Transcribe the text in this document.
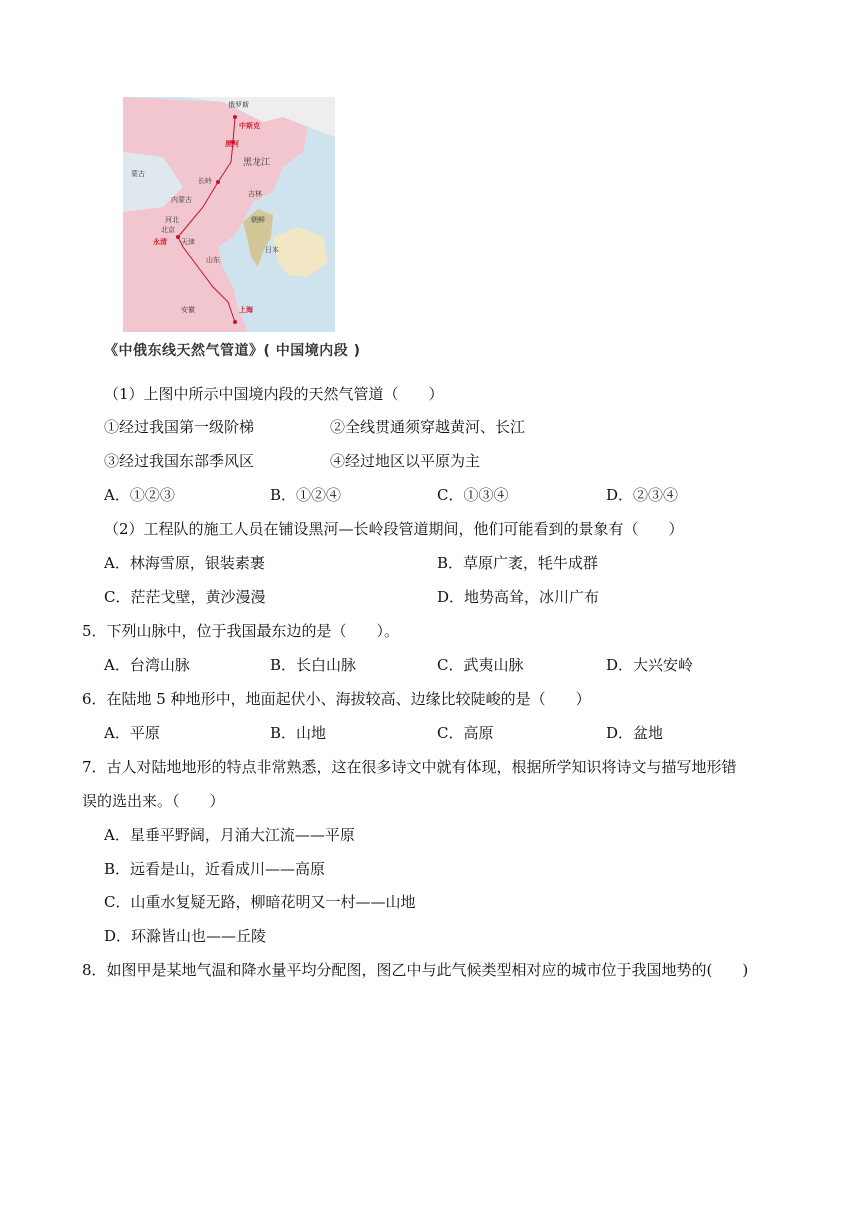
俄罗斯
中斯克
黑河
黑龙江
蒙古
长岭
吉林
内蒙古
朝鲜
河北
北京
永清 天津
日本
山东
安徽	上海
《中俄东线天然气管道》( 中国境内段 )
（1）上图中所示中国境内段的天然气管道（　　）
①经过我国第一级阶梯	②全线贯通须穿越黄河、长江
③经过我国东部季风区	④经过地区以平原为主
A．①②③	B．①②④	C．①③④	D．②③④
（2）工程队的施工人员在铺设黑河—长岭段管道期间，他们可能看到的景象有（　　）
A．林海雪原，银装素裹	B．草原广袤，牦牛成群
C．茫茫戈壁，黄沙漫漫	D．地势高耸，冰川广布
5．下列山脉中，位于我国最东边的是（　　）。
A．台湾山脉	B．长白山脉	C．武夷山脉	D．大兴安岭
6．在陆地 5 种地形中，地面起伏小、海拔较高、边缘比较陡峻的是（　　）
A．平原	B．山地	C．高原	D．盆地
7．古人对陆地地形的特点非常熟悉，这在很多诗文中就有体现，根据所学知识将诗文与描写地形错
误的选出来。（　　）
A．星垂平野阔，月涌大江流——平原
B．远看是山，近看成川——高原
C．山重水复疑无路，柳暗花明又一村——山地
D．环滁皆山也——丘陵
8．如图甲是某地气温和降水量平均分配图，图乙中与此气候类型相对应的城市位于我国地势的(　　)
